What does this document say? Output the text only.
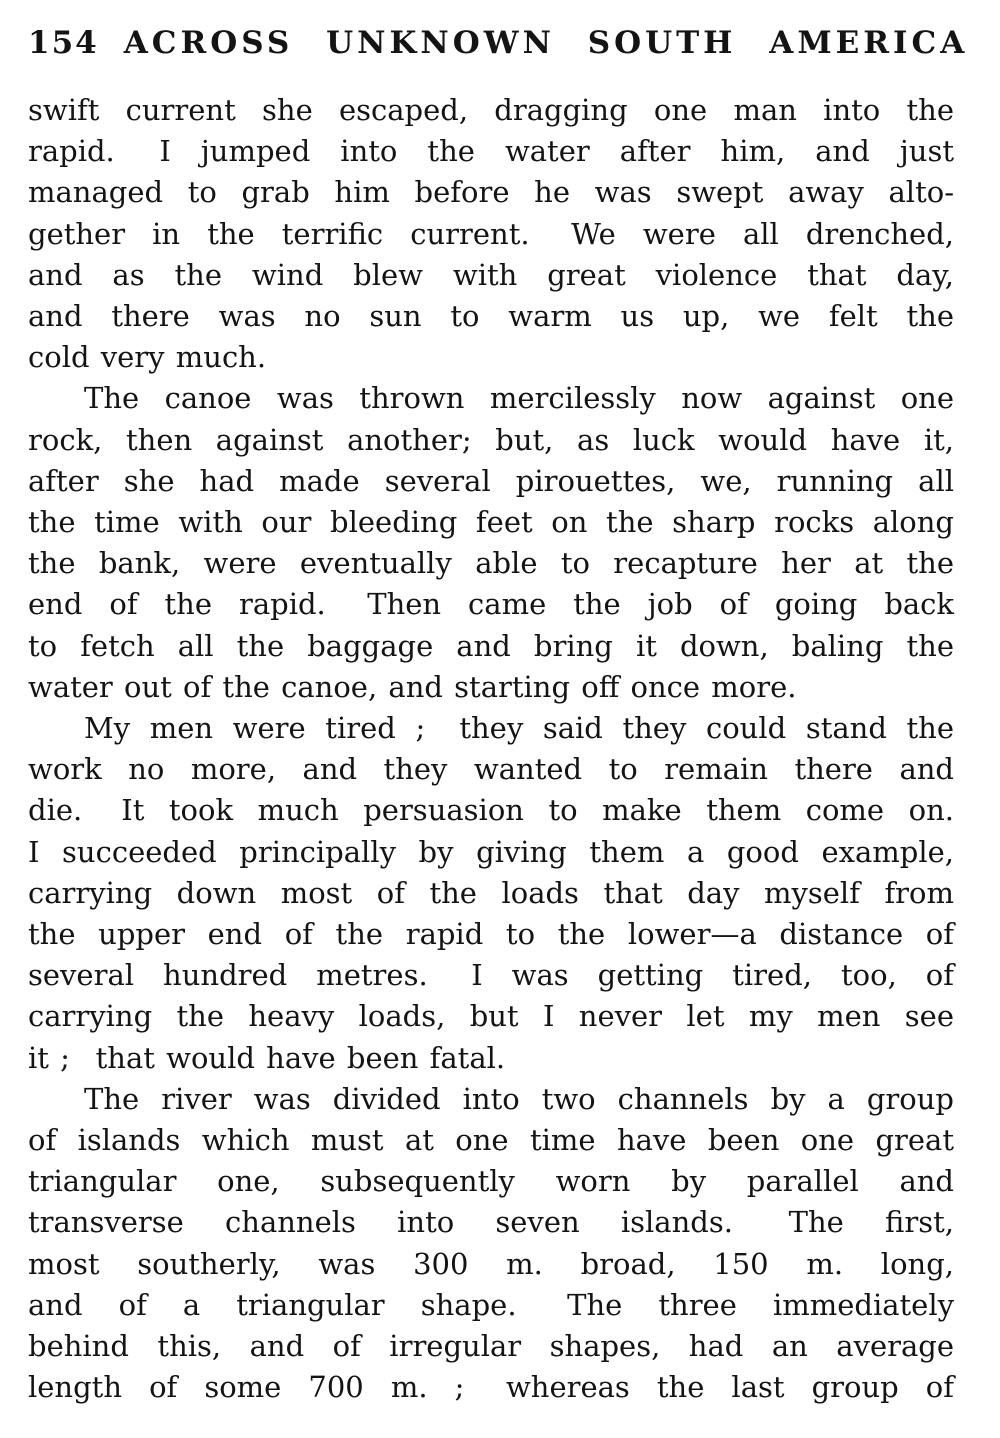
154 ACROSS UNKNOWN SOUTH AMERICA

swift current she escaped, dragging one man into the
rapid.  I jumped into the water after him, and just
managed to grab him before he was swept away alto-
gether in the terrific current.  We were all drenched,
and as the wind blew with great violence that day,
and there was no sun to warm us up, we felt the
cold very much.

The canoe was thrown mercilessly now against one
rock, then against another; but, as luck would have it,
after she had made several pirouettes, we, running all
the time with our bleeding feet on the sharp rocks along
the bank, were eventually able to recapture her at the
end of the rapid.  Then came the job of going back
to fetch all the baggage and bring it down, baling the
water out of the canoe, and starting off once more.

My men were tired ;  they said they could stand the
work no more, and they wanted to remain there and
die.  It took much persuasion to make them come on.
I succeeded principally by giving them a good example,
carrying down most of the loads that day myself from
the upper end of the rapid to the lower—a distance of
several hundred metres.  I was getting tired, too, of
carrying the heavy loads, but I never let my men see
it ;  that would have been fatal.

The river was divided into two channels by a group
of islands which must at one time have been one great
triangular one, subsequently worn by parallel and
transverse channels into seven islands.  The first,
most southerly, was 300 m. broad, 150 m. long,
and of a triangular shape.  The three immediately
behind this, and of irregular shapes, had an average
length of some 700 m. ;  whereas the last group of
